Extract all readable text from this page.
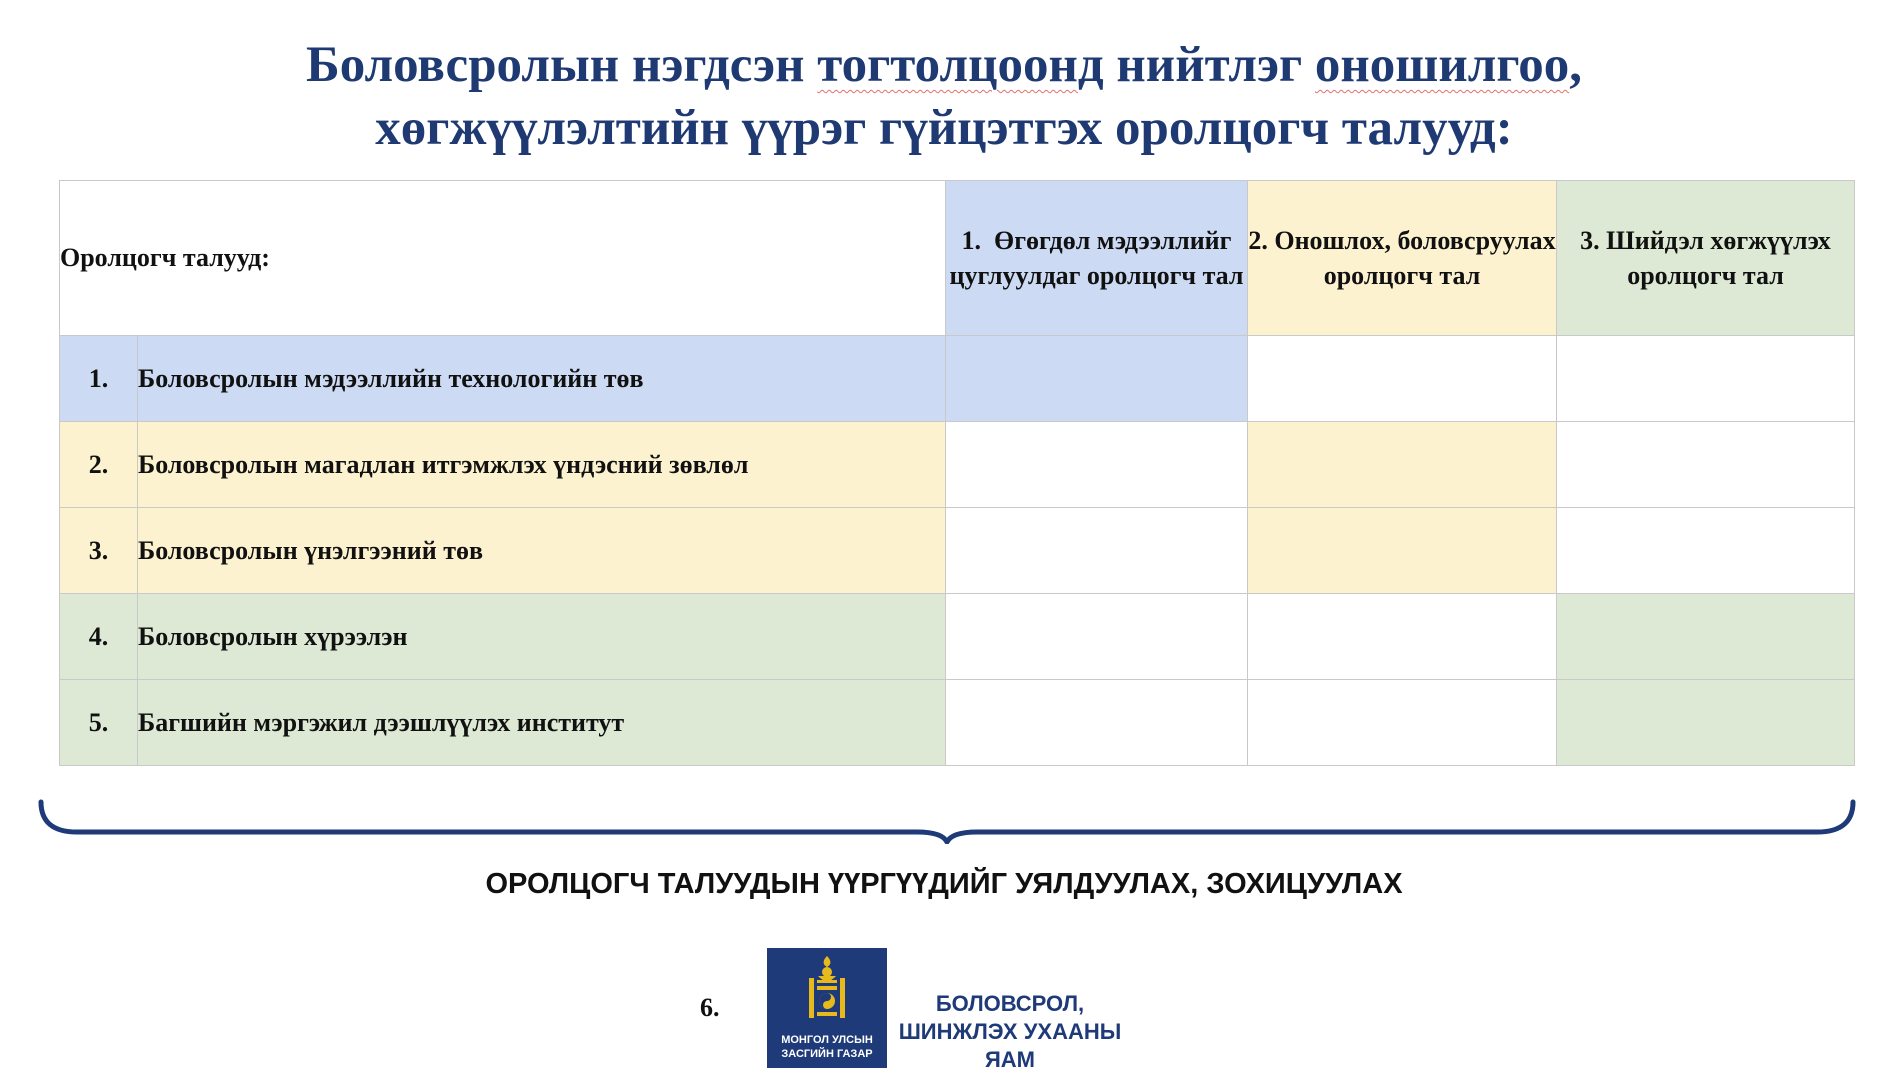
Боловсролын нэгдсэн тогтолцоонд нийтлэг оношилгоо,
хөгжүүлэлтийн үүрэг гүйцэтгэх оролцогч талууд:
Оролцогч талууд:		1. Өгөгдөл мэдээллийг цуглуулдаг оролцогч тал	2. Оношлох, боловсруулах оролцогч тал	3. Шийдэл хөгжүүлэх оролцогч тал
1.	Боловсролын мэдээллийн технологийн төв			
2.	Боловсролын магадлан итгэмжлэх үндэсний зөвлөл			
3.	Боловсролын үнэлгээний төв			
4.	Боловсролын хүрээлэн			
5.	Багшийн мэргэжил дээшлүүлэх институт			
ОРОЛЦОГЧ ТАЛУУДЫН ҮҮРГҮҮДИЙГ УЯЛДУУЛАХ, ЗОХИЦУУЛАХ
6.
МОНГОЛ УЛСЫН
ЗАСГИЙН ГАЗАР
БОЛОВСРОЛ,
ШИНЖЛЭХ УХААНЫ
ЯАМ
